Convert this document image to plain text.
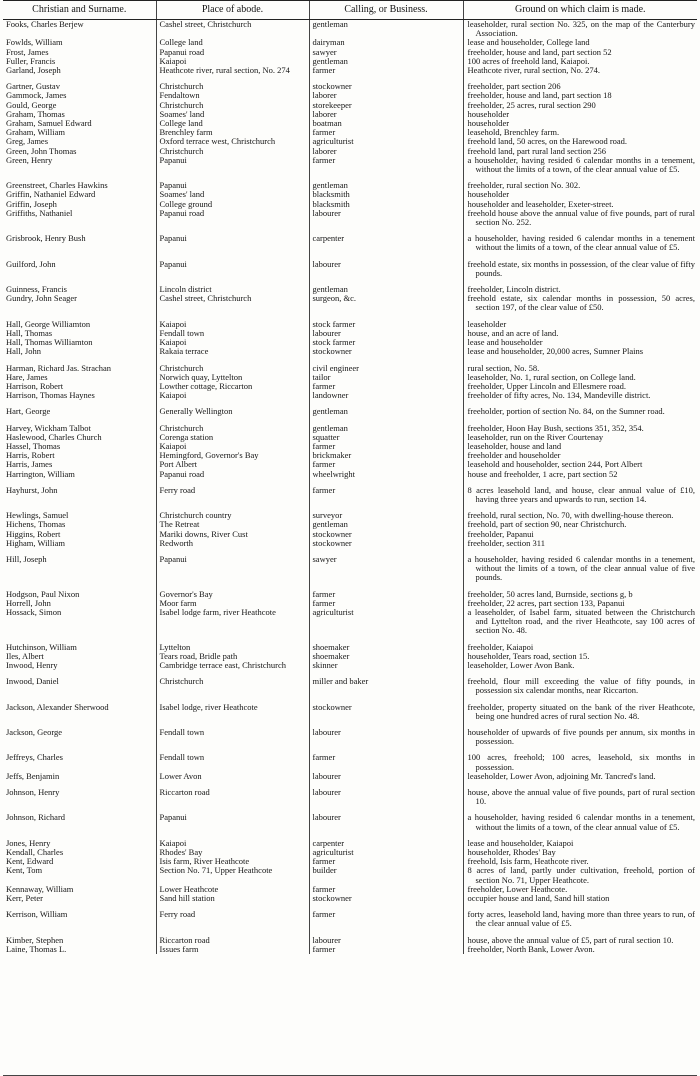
Christian and Surname.	Place of abode.	Calling, or Business.	Ground on which claim is made.
Fooks, Charles Berjew	Cashel street, Christchurch	gentleman	leaseholder, rural section No. 325, on the map of the Canterbury Association.
Fowlds, William	College land	dairyman	lease and householder, College land
Frost, James	Papanui road	sawyer	freeholder, house and land, part section 52
Fuller, Francis	Kaiapoi	gentleman	100 acres of freehold land, Kaiapoi.
Garland, Joseph	Heathcote river, rural section, No. 274	farmer	Heathcote river, rural section, No. 274.

Gartner, Gustav	Christchurch	stockowner	freeholder, part section 206
Gammock, James	Fendaltown	laborer	freeholder, house and land, part section 18
Gould, George	Christchurch	storekeeper	freeholder, 25 acres, rural section 290
Graham, Thomas	Soames' land	laborer	householder
Graham, Samuel Edward	College land	boatman	householder
Graham, William	Brenchley farm	farmer	leasehold, Brenchley farm.
Greg, James	Oxford terrace west, Christchurch	agriculturist	freehold land, 50 acres, on the Harewood road.
Green, John Thomas	Christchurch	laborer	freehold land, part rural land section 256
Green, Henry	Papanui	farmer	a householder, having resided 6 calendar months in a tenement, without the limits of a town, of the clear annual value of £5.

Greenstreet, Charles Hawkins	Papanui	gentleman	freeholder, rural section No. 302.
Griffin, Nathaniel Edward	Soames' land	blacksmith	householder
Griffin, Joseph	College ground	blacksmith	householder and leaseholder, Exeter-street.
Griffiths, Nathaniel	Papanui road	labourer	freehold house above the annual value of five pounds, part of rural section No. 252.

Grisbrook, Henry Bush	Papanui	carpenter	a householder, having resided 6 calendar months in a tenement without the limits of a town, of the clear annual value of £5.

Guilford, John	Papanui	labourer	freehold estate, six months in possession, of the clear value of fifty pounds.

Guinness, Francis	Lincoln district	gentleman	freeholder, Lincoln district.
Gundry, John Seager	Cashel street, Christchurch	surgeon, &c.	freehold estate, six calendar months in possession, 50 acres, section 197, of the clear value of £50.

Hall, George Williamton	Kaiapoi	stock farmer	leaseholder
Hall, Thomas	Fendall town	labourer	house, and an acre of land.
Hall, Thomas Williamton	Kaiapoi	stock farmer	lease and householder
Hall, John	Rakaia terrace	stockowner	lease and householder, 20,000 acres, Sumner Plains

Harman, Richard Jas. Strachan	Christchurch	civil engineer	rural section, No. 58.
Hare, James	Norwich quay, Lyttelton	tailor	leaseholder, No. 1, rural section, on College land.
Harrison, Robert	Lowther cottage, Riccarton	farmer	freeholder, Upper Lincoln and Ellesmere road.
Harrison, Thomas Haynes	Kaiapoi	landowner	freeholder of fifty acres, No. 134, Mandeville district.

Hart, George	Generally Wellington	gentleman	freeholder, portion of section No. 84, on the Sumner road.

Harvey, Wickham Talbot	Christchurch	gentleman	freeholder, Hoon Hay Bush, sections 351, 352, 354.
Haslewood, Charles Church	Corenga station	squatter	leaseholder, run on the River Courtenay
Hassel, Thomas	Kaiapoi	farmer	leaseholder, house and land
Harris, Robert	Hemingford, Governor's Bay	brickmaker	freeholder and householder
Harris, James	Port Albert	farmer	leasehold and householder, section 244, Port Albert
Harrington, William	Papanui road	wheelwright	house and freeholder, 1 acre, part section 52

Hayhurst, John	Ferry road	farmer	8 acres leasehold land, and house, clear annual value of £10, having three years and upwards to run, section 14.

Hewlings, Samuel	Christchurch country	surveyor	freehold, rural section, No. 70, with dwelling-house thereon.
Hichens, Thomas	The Retreat	gentleman	freehold, part of section 90, near Christchurch.
Higgins, Robert	Mariki downs, River Cust	stockowner	freeholder, Papanui
Higham, William	Redworth	stockowner	freeholder, section 311

Hill, Joseph	Papanui	sawyer	a householder, having resided 6 calendar months in a tenement, without the limits of a town, of the clear annual value of five pounds.

Hodgson, Paul Nixon	Governor's Bay	farmer	freeholder, 50 acres land, Burnside, sections g, b
Horrell, John	Moor farm	farmer	freeholder, 22 acres, part section 133, Papanui
Hossack, Simon	Isabel lodge farm, river Heathcote	agriculturist	a leaseholder, of Isabel farm, situated between the Christchurch and Lyttelton road, and the river Heathcote, say 100 acres of section No. 48.

Hutchinson, William	Lyttelton	shoemaker	freeholder, Kaiapoi
Iles, Albert	Tears road, Bridle path	shoemaker	householder, Tears road, section 15.
Inwood, Henry	Cambridge terrace east, Christchurch	skinner	leaseholder, Lower Avon Bank.

Inwood, Daniel	Christchurch	miller and baker	freehold, flour mill exceeding the value of fifty pounds, in possession six calendar months, near Riccarton.

Jackson, Alexander Sherwood	Isabel lodge, river Heathcote	stockowner	freeholder, property situated on the bank of the river Heathcote, being one hundred acres of rural section No. 48.

Jackson, George	Fendall town	labourer	householder of upwards of five pounds per annum, six months in possession.

Jeffreys, Charles	Fendall town	farmer	100 acres, freehold; 100 acres, leasehold, six months in possession.
Jeffs, Benjamin	Lower Avon	labourer	leaseholder, Lower Avon, adjoining Mr. Tancred's land.

Johnson, Henry	Riccarton road	labourer	house, above the annual value of five pounds, part of rural section 10.

Johnson, Richard	Papanui	labourer	a householder, having resided 6 calendar months in a tenement, without the limits of a town, of the clear annual value of £5.

Jones, Henry	Kaiapoi	carpenter	lease and householder, Kaiapoi
Kendall, Charles	Rhodes' Bay	agriculturist	householder, Rhodes' Bay
Kent, Edward	Isis farm, River Heathcote	farmer	freehold, Isis farm, Heathcote river.
Kent, Tom	Section No. 71, Upper Heathcote	builder	8 acres of land, partly under cultivation, freehold, portion of section No. 71, Upper Heathcote.
Kennaway, William	Lower Heathcote	farmer	freeholder, Lower Heathcote.
Kerr, Peter	Sand hill station	stockowner	occupier house and land, Sand hill station

Kerrison, William	Ferry road	farmer	forty acres, leasehold land, having more than three years to run, of the clear annual value of £5.

Kimber, Stephen	Riccarton road	labourer	house, above the annual value of £5, part of rural section 10.
Laine, Thomas L.	Issues farm	farmer	freeholder, North Bank, Lower Avon.
